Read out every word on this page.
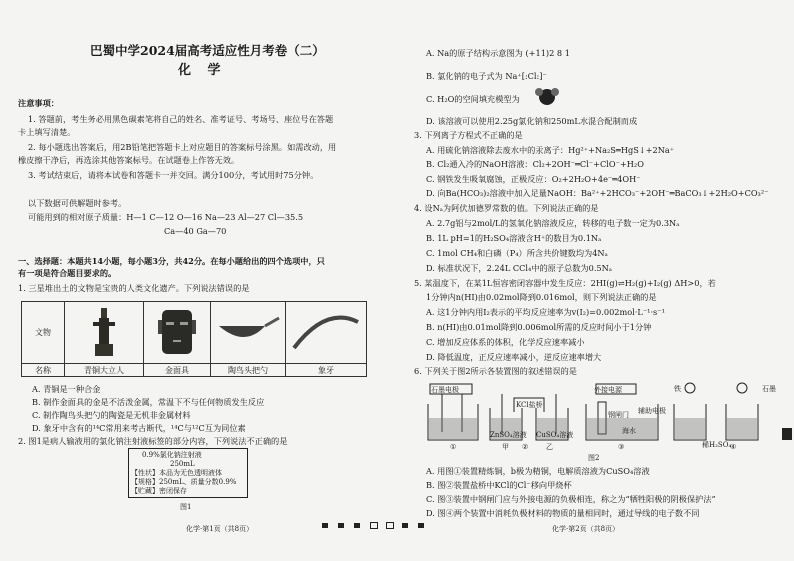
巴蜀中学2024届高考适应性月考卷（二）
化 学
注意事项：
1. 答题前，考生务必用黑色碳素笔将自己的姓名、准考证号、考场号、座位号在答题
卡上填写清楚。
2. 每小题选出答案后，用2B铅笔把答题卡上对应题目的答案标号涂黑。如需改动，用
橡皮擦干净后，再选涂其他答案标号。在试题卷上作答无效。
3. 考试结束后，请将本试卷和答题卡一并交回。满分100分，考试用时75分钟。
以下数据可供解题时参考。
可能用到的相对原子质量：H—1 C—12 O—16 Na—23 Al—27 Cl—35.5
Ca—40 Ga—70
一、选择题：本题共14小题，每小题3分，共42分。在每小题给出的四个选项中，只
有一项是符合题目要求的。
1. 三星堆出土的文物是宝贵的人类文化遗产。下列说法错误的是
文物				
名称	青铜大立人	金面具	陶鸟头把勺	象牙
A. 青铜是一种合金
B. 制作金面具的金是不活泼金属，常温下不与任何物质发生反应
C. 制作陶鸟头把勺的陶瓷是无机非金属材料
D. 象牙中含有的¹⁴C常用来考古断代，¹⁴C与¹²C互为同位素
2. 图1是病人输液用的氯化钠注射液标签的部分内容，下列说法不正确的是
0.9%氯化钠注射液
250mL
【性状】本品为无色透明液体
【规格】250mL、质量分数0.9%
【贮藏】密闭保存
图1
化学·第1页（共8页）
A. Na的原子结构示意图为 (+11)2 8 1
B. 氯化钠的电子式为 Na⁺[:Cl:]⁻
C. H₂O的空间填充模型为
D. 该溶液可以使用2.25g氯化钠和250mL水混合配制而成
3. 下列离子方程式不正确的是
A. 用硫化钠溶液除去废水中的汞离子：Hg²⁺+Na₂S═HgS↓+2Na⁺
B. Cl₂通入冷的NaOH溶液：Cl₂+2OH⁻═Cl⁻+ClO⁻+H₂O
C. 钢铁发生吸氧腐蚀，正极反应：O₂+2H₂O+4e⁻═4OH⁻
D. 向Ba(HCO₃)₂溶液中加入足量NaOH：Ba²⁺+2HCO₃⁻+2OH⁻═BaCO₃↓+2H₂O+CO₃²⁻
4. 设Nₐ为阿伏加德罗常数的值。下列说法正确的是
A. 2.7g铝与2mol/L的氢氧化钠溶液反应，转移的电子数一定为0.3Nₐ
B. 1L pH=1的H₂SO₄溶液含H⁺的数目为0.1Nₐ
C. 1mol CH₄和白磷（P₄）所含共价键数均为4Nₐ
D. 标准状况下，2.24L CCl₄中的原子总数为0.5Nₐ
5. 某温度下，在某1L恒容密闭容器中发生反应：2HI(g)⇌H₂(g)+I₂(g) ΔH>0，若
1分钟内n(HI)由0.02mol降到0.016mol，则下列说法正确的是
A. 这1分钟内用I₂表示的平均反应速率为v(I₂)=0.002mol·L⁻¹·s⁻¹
B. n(HI)由0.01mol降到0.006mol所需的反应时间小于1分钟
C. 增加反应体系的体积，化学反应速率减小
D. 降低温度，正反应速率减小，逆反应速率增大
6. 下列关于图2所示各装置图的叙述错误的是
石墨电极	外接电源	铁	石墨
ZnSO₄溶液 CuSO₄溶液
KCl盐桥
钢闸门
海水
辅助电极
稀H₂SO₄
①	甲	乙
②	③	④
图2
A. 用图①装置精炼铜，b极为精铜，电解质溶液为CuSO₄溶液
B. 图②装置盐桥中KCl的Cl⁻移向甲烧杯
C. 图③装置中钢闸门应与外接电源的负极相连，称之为“牺牲阳极的阴极保护法”
D. 图④两个装置中消耗负极材料的物质的量相同时，通过导线的电子数不同
化学·第2页（共8页）
